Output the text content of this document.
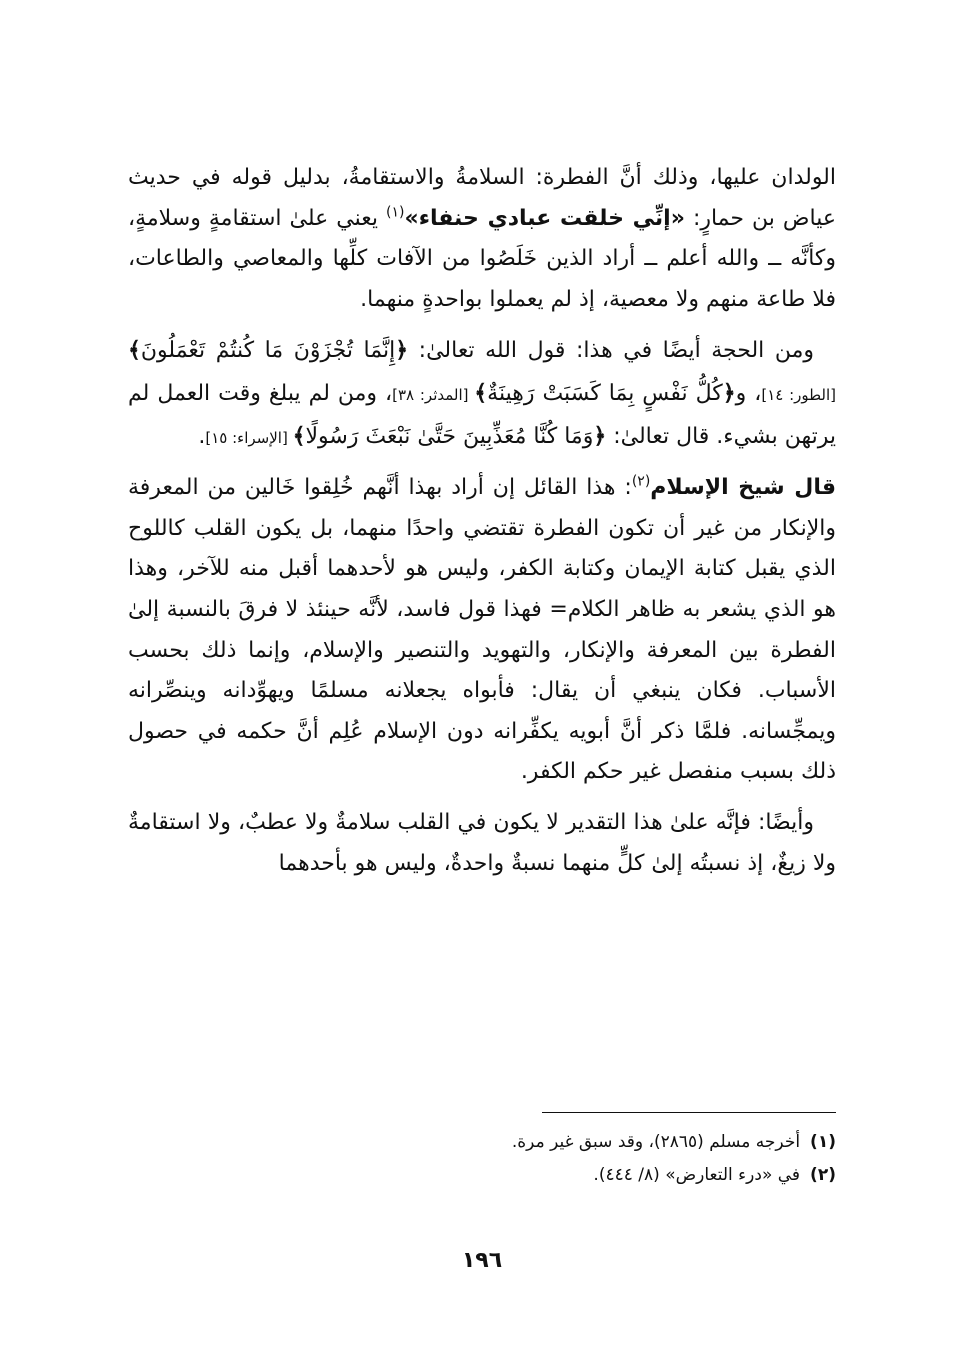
الولدان عليها، وذلك أنَّ الفطرة: السلامةُ والاستقامةُ، بدليل قوله في حديث عياض بن حمارٍ: «إنِّي خلقت عبادي حنفاء»$^{(١)}$ يعني علىٰ استقامةٍ وسلامةٍ، وكأنَّه ــ والله أعلم ــ أراد الذين خَلَصُوا من الآفات كلِّها والمعاصي والطاعات، فلا طاعة منهم ولا معصية، إذ لم يعملوا بواحدةٍ منهما.

ومن الحجة أيضًا في هذا: قول الله تعالىٰ: ﴿إِنَّمَا تُجْزَوْنَ مَا كُنتُمْ تَعْمَلُونَ﴾ [الطور: ١٤]، و﴿كُلُّ نَفْسٍ بِمَا كَسَبَتْ رَهِينَةٌ﴾ [المدثر: ٣٨]، ومن لم يبلغ وقت العمل لم يرتهن بشيء. قال تعالىٰ: ﴿وَمَا كُنَّا مُعَذِّبِينَ حَتَّىٰ نَبْعَثَ رَسُولًا﴾ [الإسراء: ١٥].

قال شيخ الإسلام$^{(٢)}$: هذا القائل إن أراد بهذا أنَّهم خُلِقوا خَالين من المعرفة والإنكار من غير أن تكون الفطرة تقتضي واحدًا منهما، بل يكون القلب كاللوح الذي يقبل كتابة الإيمان وكتابة الكفر، وليس هو لأحدهما أقبل منه للآخر، وهذا هو الذي يشعر به ظاهر الكلام= فهذا قول فاسد، لأنَّه حينئذ لا فرقَ بالنسبة إلىٰ الفطرة بين المعرفة والإنكار، والتهويد والتنصير والإسلام، وإنما ذلك بحسب الأسباب. فكان ينبغي أن يقال: فأبواه يجعلانه مسلمًا ويهوِّدانه وينصِّرانه ويمجِّسانه. فلمَّا ذكر أنَّ أبويه يكفِّرانه دون الإسلام عُلِم أنَّ حكمه في حصول ذلك بسبب منفصل غير حكم الكفر.

وأيضًا: فإنَّه علىٰ هذا التقدير لا يكون في القلب سلامةٌ ولا عطبٌ، ولا استقامةٌ ولا زيغٌ، إذ نسبتُه إلىٰ كلٍّ منهما نسبةٌ واحدةٌ، وليس هو بأحدهما

(١)أخرجه مسلم (٢٨٦٥)، وقد سبق غير مرة.

(٢)في «درء التعارض» (٨/ ٤٤٤).

١٩٦
